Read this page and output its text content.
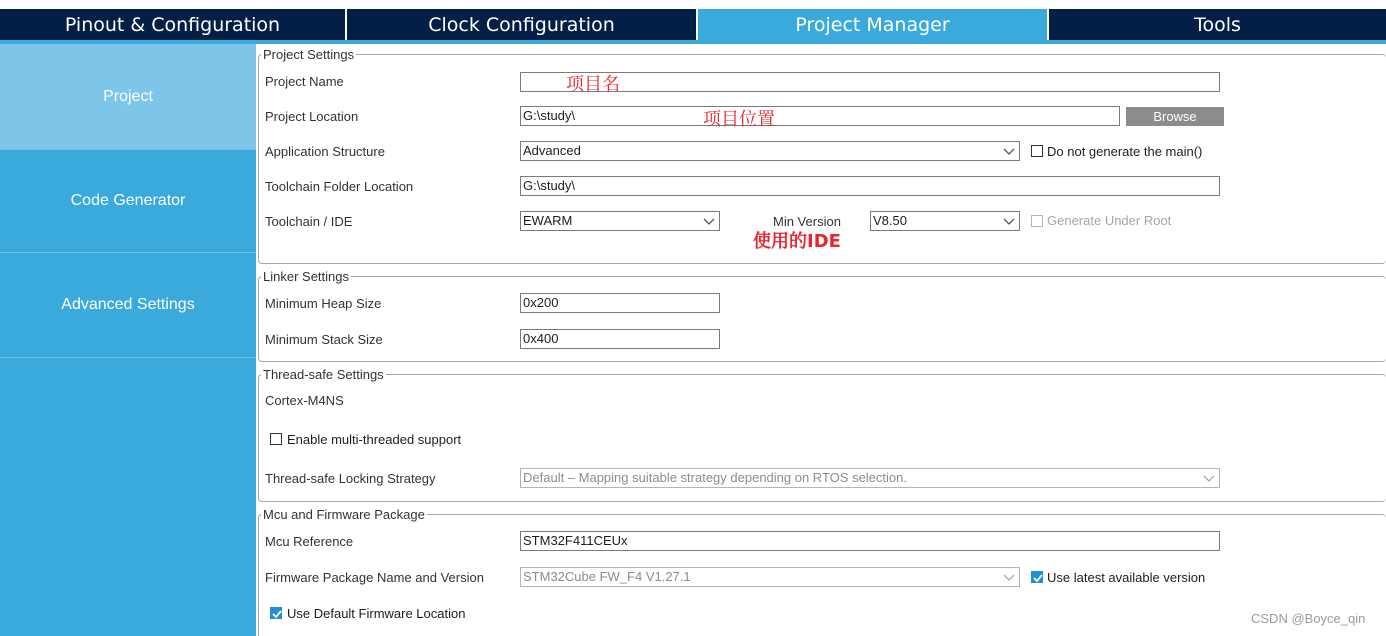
Pinout & Configuration	Clock Configuration	Project Manager	Tools
Project
Code Generator
Advanced Settings
Project Settings
Project Name
Project Location	G:\study\	Browse
Application Structure	Advanced	Do not generate the main()
Toolchain Folder Location	G:\study\
Toolchain / IDE	EWARM	Min Version V8.50	Generate Under Root
Linker Settings
Minimum Heap Size	0x200
Minimum Stack Size	0x400
Thread-safe Settings
Cortex-M4NS
Enable multi-threaded support
Thread-safe Locking Strategy	Default – Mapping suitable strategy depending on RTOS selection.
Mcu and Firmware Package
Mcu Reference	STM32F411CEUx
Firmware Package Name and Version	STM32Cube FW_F4 V1.27.1	Use latest available version
Use Default Firmware Location
项目名
项目位置
使用的IDE
CSDN @Boyce_qin
